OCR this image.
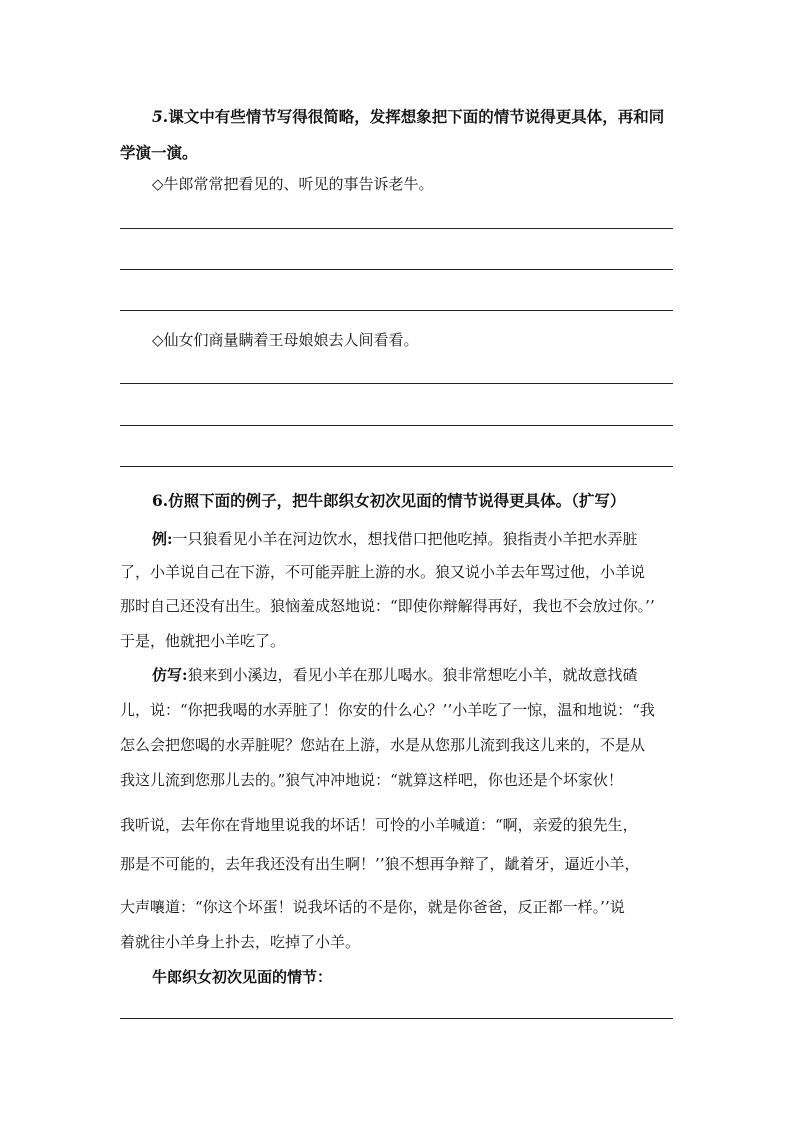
5.课文中有些情节写得很简略，发挥想象把下面的情节说得更具体，再和同
学演一演。
◇牛郎常常把看见的、听见的事告诉老牛。
◇仙女们商量瞒着王母娘娘去人间看看。
6.仿照下面的例子，把牛郎织女初次见面的情节说得更具体。（扩写）
例:一只狼看见小羊在河边饮水，想找借口把他吃掉。狼指责小羊把水弄脏
了，小羊说自己在下游，不可能弄脏上游的水。狼又说小羊去年骂过他，小羊说
那时自己还没有出生。狼恼羞成怒地说：“即使你辩解得再好，我也不会放过你。’’
于是，他就把小羊吃了。
仿写:狼来到小溪边，看见小羊在那儿喝水。狼非常想吃小羊，就故意找碴
儿，说：“你把我喝的水弄脏了！你安的什么心？’’小羊吃了一惊，温和地说：“我
怎么会把您喝的水弄脏呢？您站在上游，水是从您那儿流到我这儿来的，不是从
我这儿流到您那儿去的。”狼气冲冲地说：“就算这样吧，你也还是个坏家伙！
我听说，去年你在背地里说我的坏话！可怜的小羊喊道：“啊，亲爱的狼先生，
那是不可能的，去年我还没有出生啊！’’狼不想再争辩了，龇着牙，逼近小羊，
大声嚷道：“你这个坏蛋！说我坏话的不是你，就是你爸爸，反正都一样。’’说
着就往小羊身上扑去，吃掉了小羊。
牛郎织女初次见面的情节：
